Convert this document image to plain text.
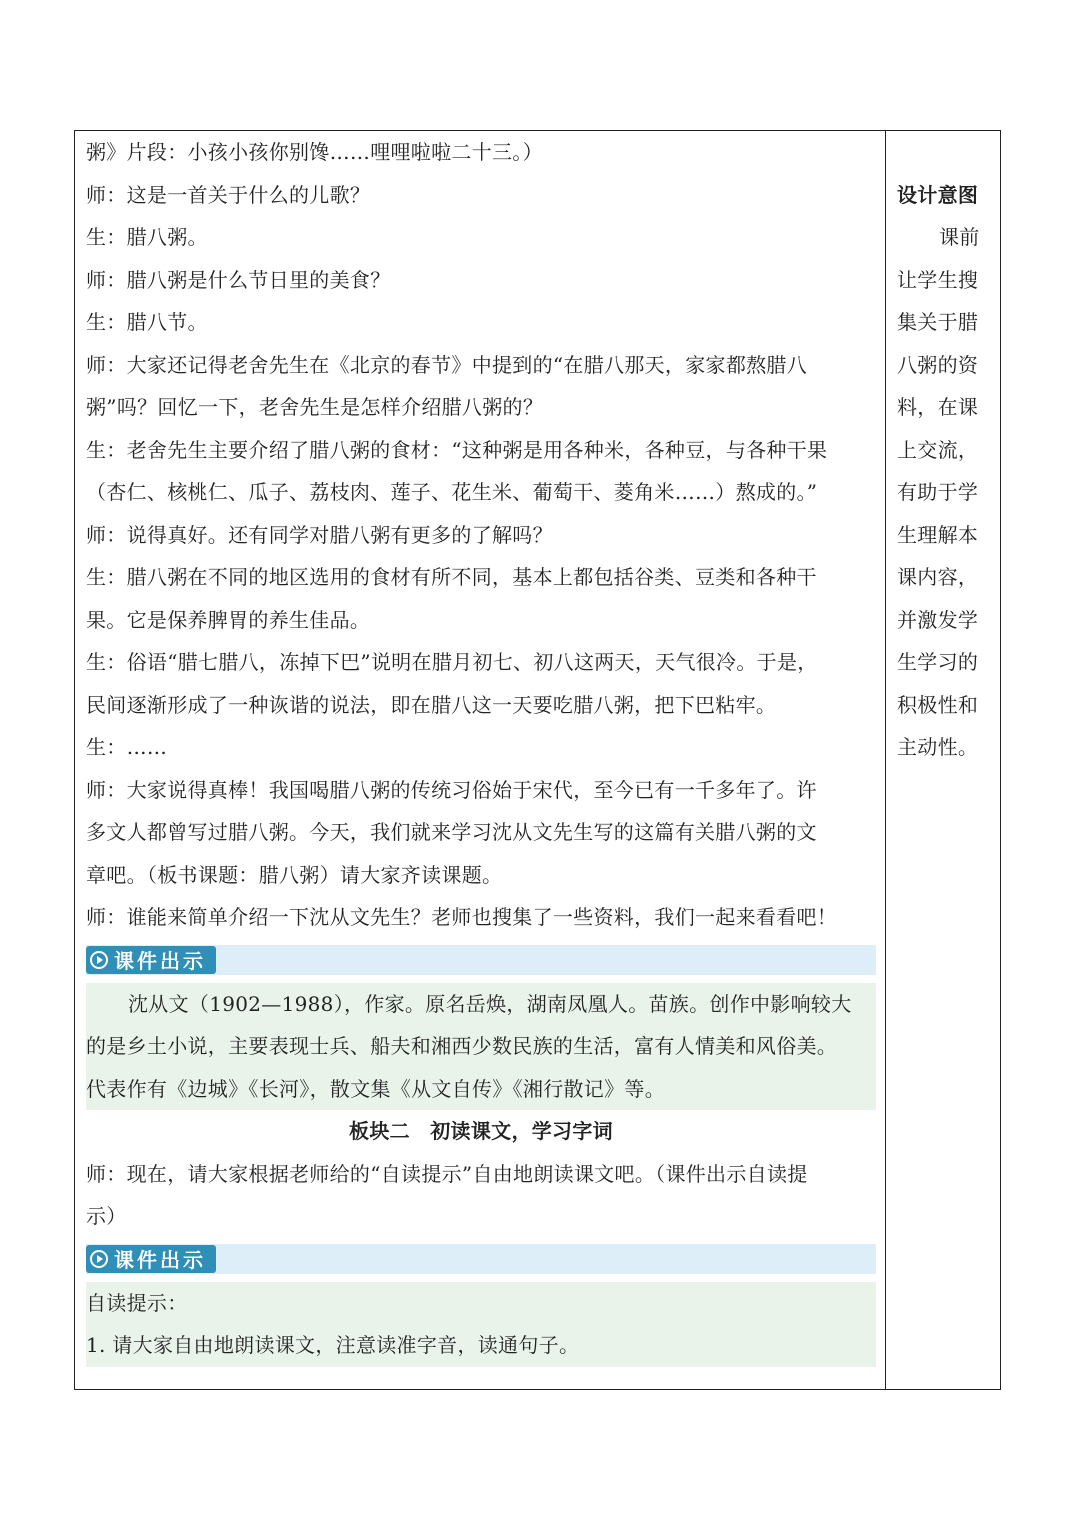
粥》片段：小孩小孩你别馋……哩哩啦啦二十三。）
师：这是一首关于什么的儿歌？
生：腊八粥。
师：腊八粥是什么节日里的美食？
生：腊八节。
师：大家还记得老舍先生在《北京的春节》中提到的“在腊八那天，家家都熬腊八
粥”吗？回忆一下，老舍先生是怎样介绍腊八粥的？
生：老舍先生主要介绍了腊八粥的食材：“这种粥是用各种米，各种豆，与各种干果
（杏仁、核桃仁、瓜子、荔枝肉、莲子、花生米、葡萄干、菱角米……）熬成的。”
师：说得真好。还有同学对腊八粥有更多的了解吗？
生：腊八粥在不同的地区选用的食材有所不同，基本上都包括谷类、豆类和各种干
果。它是保养脾胃的养生佳品。
生：俗语“腊七腊八，冻掉下巴”说明在腊月初七、初八这两天，天气很冷。于是，
民间逐渐形成了一种诙谐的说法，即在腊八这一天要吃腊八粥，把下巴粘牢。
生：……
师：大家说得真棒！我国喝腊八粥的传统习俗始于宋代，至今已有一千多年了。许
多文人都曾写过腊八粥。今天，我们就来学习沈从文先生写的这篇有关腊八粥的文
章吧。（板书课题：腊八粥）请大家齐读课题。
师：谁能来简单介绍一下沈从文先生？老师也搜集了一些资料，我们一起来看看吧！
课件出示
沈从文（1902—1988），作家。原名岳焕，湖南凤凰人。苗族。创作中影响较大
的是乡土小说，主要表现士兵、船夫和湘西少数民族的生活，富有人情美和风俗美。
代表作有《边城》《长河》，散文集《从文自传》《湘行散记》等。
板块二　初读课文，学习字词
师：现在，请大家根据老师给的“自读提示”自由地朗读课文吧。（课件出示自读提
示）
课件出示
自读提示：
1. 请大家自由地朗读课文，注意读准字音，读通句子。
设计意图
课前
让学生搜
集关于腊
八粥的资
料，在课
上交流，
有助于学
生理解本
课内容，
并激发学
生学习的
积极性和
主动性。
